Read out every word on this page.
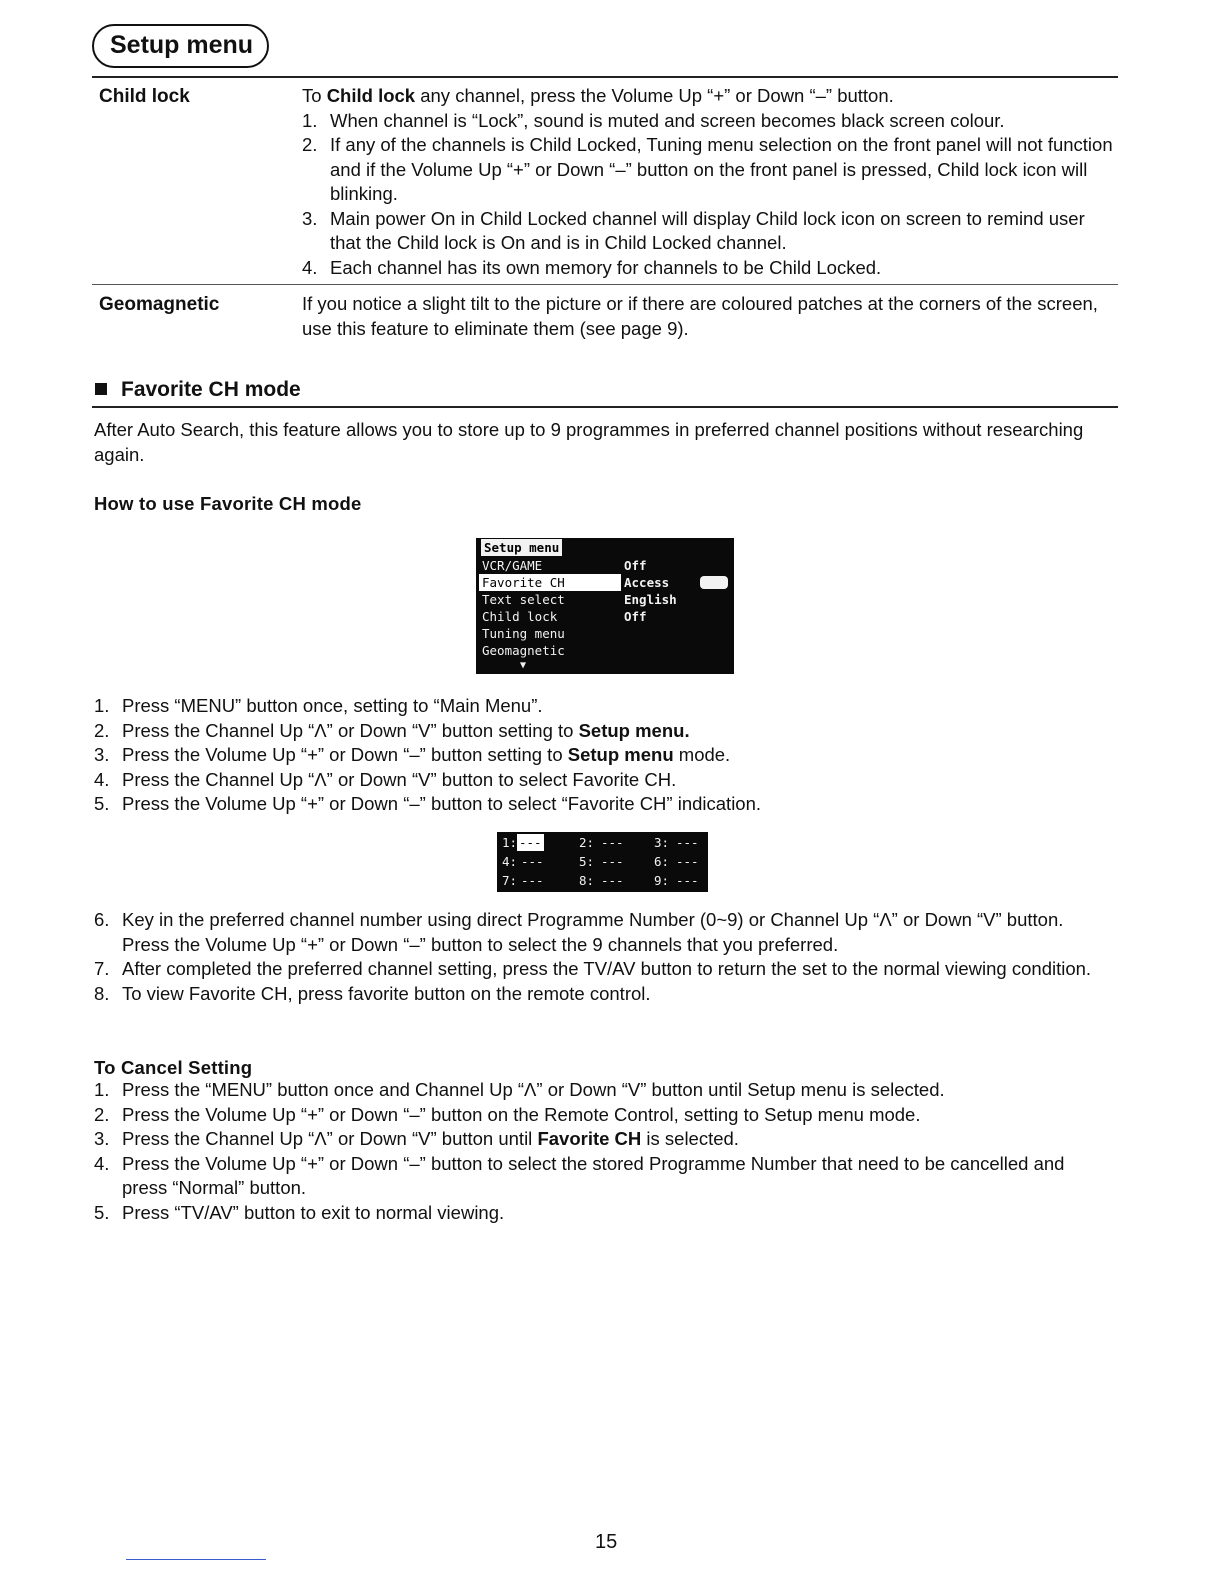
Setup menu
Child lock	To Child lock any channel, press the Volume Up “+” or Down “–” button.
1. When channel is “Lock”, sound is muted and screen becomes black screen colour.
2. If any of the channels is Child Locked, Tuning menu selection on the front panel will not function and if the Volume Up “+” or Down “–” button on the front panel is pressed, Child lock icon will blinking.
3. Main power On in Child Locked channel will display Child lock icon on screen to remind user that the Child lock is On and is in Child Locked channel.
4. Each channel has its own memory for channels to be Child Locked.
Geomagnetic	If you notice a slight tilt to the picture or if there are coloured patches at the corners of the screen, use this feature to eliminate them (see page 9).
Favorite CH mode
After Auto Search, this feature allows you to store up to 9 programmes in preferred channel positions without researching again.
How to use Favorite CH mode
Setup menu
VCR/GAME	Off
Favorite CH	Access
Text select	English
Child lock	Off
Tuning menu
Geomagnetic
▼
1. Press “MENU” button once, setting to “Main Menu”.
2. Press the Channel Up “Λ” or Down “V” button setting to Setup menu.
3. Press the Volume Up “+” or Down “–” button setting to Setup menu mode.
4. Press the Channel Up “Λ” or Down “V” button to select Favorite CH.
5. Press the Volume Up “+” or Down “–” button to select “Favorite CH” indication.
1: ---	2: --- 3: ---
4: ---	5: --- 6: ---
7: ---	8: --- 9: ---
6. Key in the preferred channel number using direct Programme Number (0~9) or Channel Up “Λ” or Down “V” button. Press the Volume Up “+” or Down “–” button to select the 9 channels that you preferred.
7. After completed the preferred channel setting, press the TV/AV button to return the set to the normal viewing condition.
8. To view Favorite CH, press favorite button on the remote control.
To Cancel Setting
1. Press the “MENU” button once and Channel Up “Λ” or Down “V” button until Setup menu is selected.
2. Press the Volume Up “+” or Down “–” button on the Remote Control, setting to Setup menu mode.
3. Press the Channel Up “Λ” or Down “V” button until Favorite CH is selected.
4. Press the Volume Up “+” or Down “–” button to select the stored Programme Number that need to be cancelled and press “Normal” button.
5. Press “TV/AV” button to exit to normal viewing.
15
